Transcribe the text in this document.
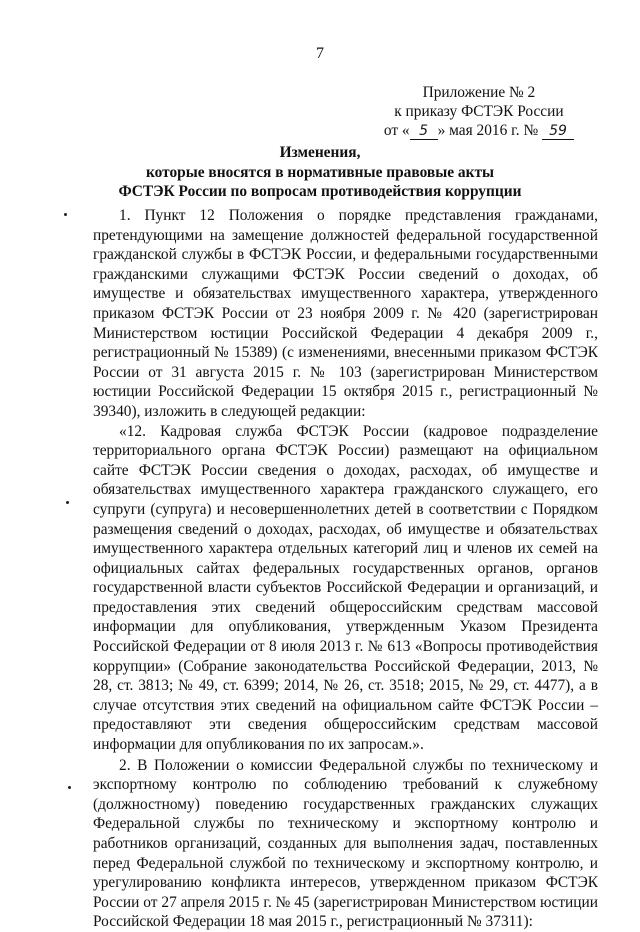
7
Приложение № 2
к приказу ФСТЭК России
от « 5 » мая 2016 г. № 59
Изменения,
которые вносятся в нормативные правовые акты
ФСТЭК России по вопросам противодействия коррупции

1. Пункт 12 Положения о порядке представления гражданами, претендующими на замещение должностей федеральной государственной гражданской службы в ФСТЭК России, и федеральными государственными гражданскими служащими ФСТЭК России сведений о доходах, об имуществе и обязательствах имущественного характера, утвержденного приказом ФСТЭК России от 23 ноября 2009 г. № 420 (зарегистрирован Министерством юстиции Российской Федерации 4 декабря 2009 г., регистрационный № 15389) (с изменениями, внесенными приказом ФСТЭК России от 31 августа 2015 г. № 103 (зарегистрирован Министерством юстиции Российской Федерации 15 октября 2015 г., регистрационный № 39340), изложить в следующей редакции:

«12. Кадровая служба ФСТЭК России (кадровое подразделение территориального органа ФСТЭК России) размещают на официальном сайте ФСТЭК России сведения о доходах, расходах, об имуществе и обязательствах имущественного характера гражданского служащего, его супруги (супруга) и несовершеннолетних детей в соответствии с Порядком размещения сведений о доходах, расходах, об имуществе и обязательствах имущественного характера отдельных категорий лиц и членов их семей на официальных сайтах федеральных государственных органов, органов государственной власти субъектов Российской Федерации и организаций, и предоставления этих сведений общероссийским средствам массовой информации для опубликования, утвержденным Указом Президента Российской Федерации от 8 июля 2013 г. № 613 «Вопросы противодействия коррупции» (Собрание законодательства Российской Федерации, 2013, № 28, ст. 3813; № 49, ст. 6399; 2014, № 26, ст. 3518; 2015, № 29, ст. 4477), а в случае отсутствия этих сведений на официальном сайте ФСТЭК России – предоставляют эти сведения общероссийским средствам массовой информации для опубликования по их запросам.».

2. В Положении о комиссии Федеральной службы по техническому и экспортному контролю по соблюдению требований к служебному (должностному) поведению государственных гражданских служащих Федеральной службы по техническому и экспортному контролю и работников организаций, созданных для выполнения задач, поставленных перед Федеральной службой по техническому и экспортному контролю, и урегулированию конфликта интересов, утвержденном приказом ФСТЭК России от 27 апреля 2015 г. № 45 (зарегистрирован Министерством юстиции Российской Федерации 18 мая 2015 г., регистрационный № 37311):
